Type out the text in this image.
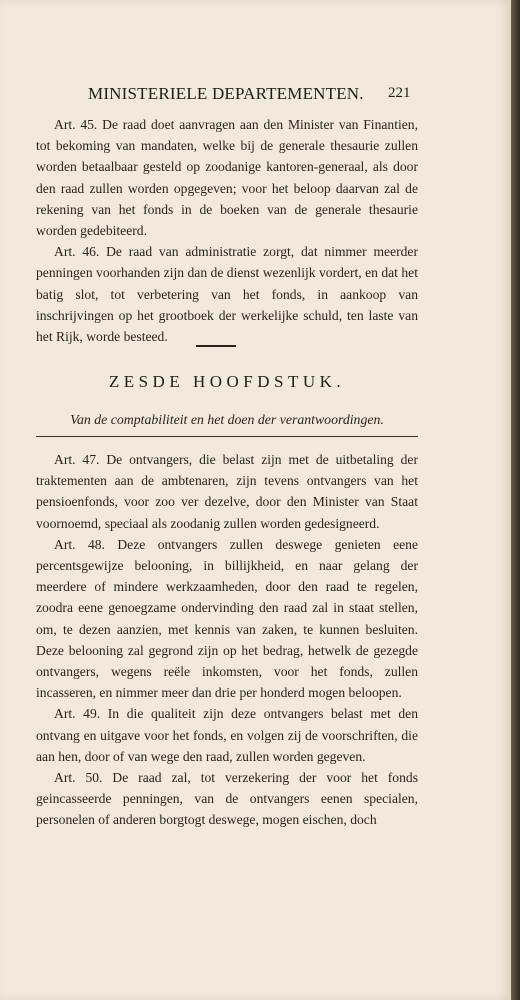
MINISTERIELE DEPARTEMENTEN.	221

Art. 45. De raad doet aanvragen aan den Minister van Finantien, tot bekoming van mandaten, welke bij de generale thesaurie zullen worden betaalbaar gesteld op zoodanige kantoren-generaal, als door den raad zullen worden opgegeven; voor het beloop daarvan zal de rekening van het fonds in de boeken van de generale thesaurie worden gedebiteerd.

Art. 46. De raad van administratie zorgt, dat nimmer meerder penningen voorhanden zijn dan de dienst wezenlijk vordert, en dat het batig slot, tot verbetering van het fonds, in aankoop van inschrijvingen op het grootboek der werkelijke schuld, ten laste van het Rijk, worde besteed.

ZESDE HOOFDSTUK.
Van de comptabiliteit en het doen der verantwoordingen.

Art. 47. De ontvangers, die belast zijn met de uitbetaling der traktementen aan de ambtenaren, zijn tevens ontvangers van het pensioenfonds, voor zoo ver dezelve, door den Minister van Staat voornoemd, speciaal als zoodanig zullen worden gedesigneerd.

Art. 48. Deze ontvangers zullen deswege genieten eene percentsgewijze belooning, in billijkheid, en naar gelang der meerdere of mindere werkzaamheden, door den raad te regelen, zoodra eene genoegzame ondervinding den raad zal in staat stellen, om, te dezen aanzien, met kennis van zaken, te kunnen besluiten. Deze belooning zal gegrond zijn op het bedrag, hetwelk de gezegde ontvangers, wegens reële inkomsten, voor het fonds, zullen incasseren, en nimmer meer dan drie per honderd mogen beloopen.

Art. 49. In die qualiteit zijn deze ontvangers belast met den ontvang en uitgave voor het fonds, en volgen zij de voorschriften, die aan hen, door of van wege den raad, zullen worden gegeven.

Art. 50. De raad zal, tot verzekering der voor het fonds geincasseerde penningen, van de ontvangers eenen specialen, personelen of anderen borgtogt deswege, mogen eischen, doch
